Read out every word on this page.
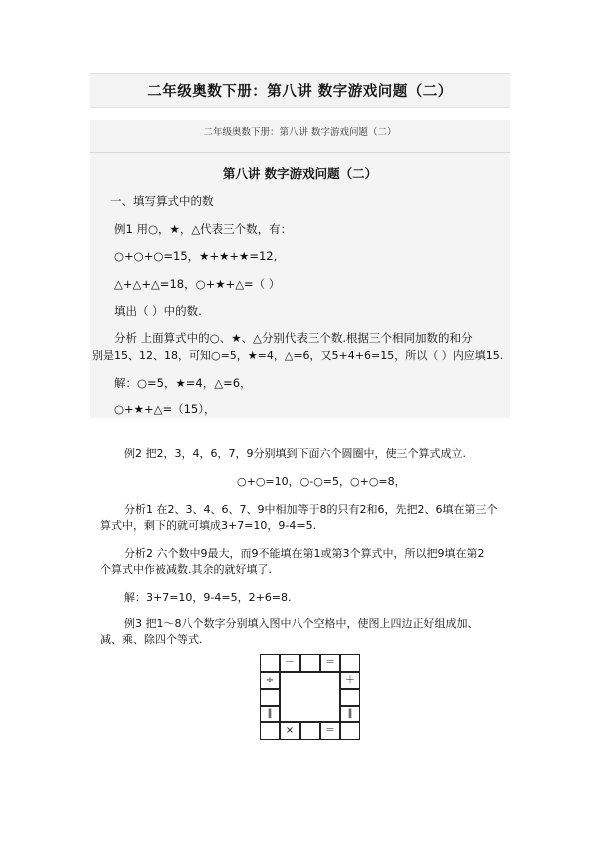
二年级奥数下册：第八讲 数字游戏问题（二）
二年级奥数下册：第八讲 数字游戏问题（二）
第八讲 数字游戏问题（二）
一、填写算式中的数
例1 用○，★，△代表三个数，有：
○+○+○=15，★+★+★=12,
△+△+△=18，○+★+△=（ ）
填出（ ）中的数.
分析 上面算式中的○、★、△分别代表三个数.根据三个相同加数的和分
别是15、12、18，可知○=5，★=4，△=6，又5+4+6=15，所以（ ）内应填15.
解：○=5，★=4，△=6，
○+★+△=（15），
例2 把2，3，4，6，7，9分别填到下面六个圆圈中，使三个算式成立.
○+○=10，○-○=5，○+○=8，
分析1 在2、3、4、6、7、9中相加等于8的只有2和6，先把2、6填在第三个
算式中，剩下的就可填成3+7=10，9-4=5.
分析2 六个数中9最大，而9不能填在第1或第3个算式中，所以把9填在第2
个算式中作被减数.其余的就好填了.
解：3+7=10，9-4=5，2+6=8.
例3 把1～8八个数字分别填入图中八个空格中，使图上四边正好组成加、
减、乘、除四个等式.
－	＝
÷
‖
＋
‖
×	＝
